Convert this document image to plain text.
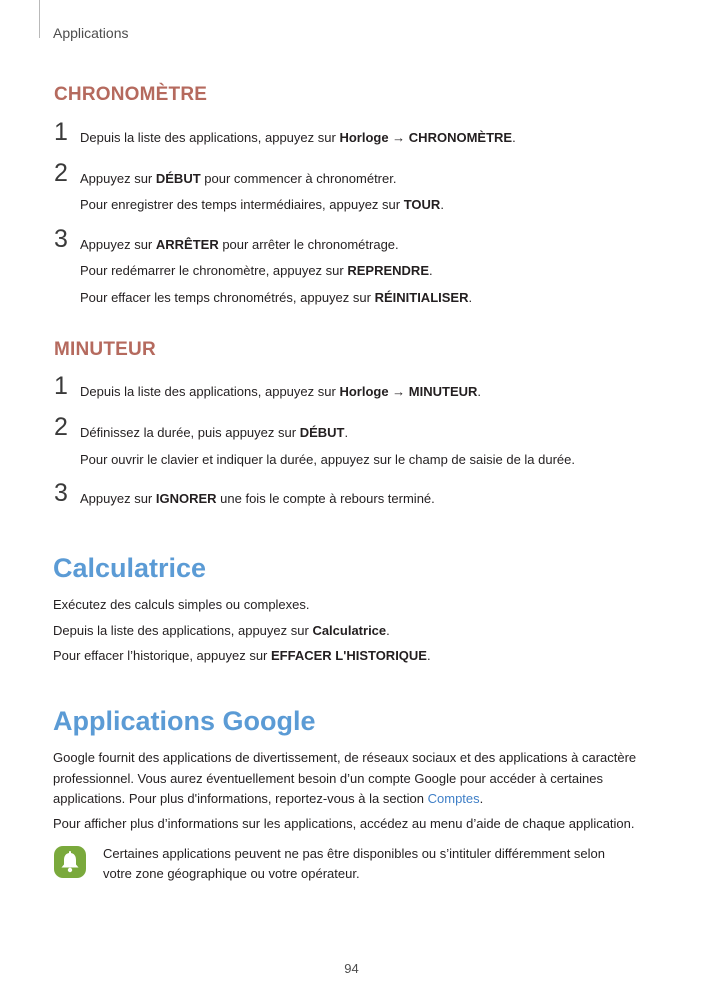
Applications
CHRONOMÈTRE
1 Depuis la liste des applications, appuyez sur Horloge → CHRONOMÈTRE.
2 Appuyez sur DÉBUT pour commencer à chronométrer.
Pour enregistrer des temps intermédiaires, appuyez sur TOUR.
3 Appuyez sur ARRÊTER pour arrêter le chronométrage.
Pour redémarrer le chronomètre, appuyez sur REPRENDRE.
Pour effacer les temps chronométrés, appuyez sur RÉINITIALISER.
MINUTEUR
1 Depuis la liste des applications, appuyez sur Horloge → MINUTEUR.
2 Définissez la durée, puis appuyez sur DÉBUT.
Pour ouvrir le clavier et indiquer la durée, appuyez sur le champ de saisie de la durée.
3 Appuyez sur IGNORER une fois le compte à rebours terminé.
Calculatrice
Exécutez des calculs simples ou complexes.
Depuis la liste des applications, appuyez sur Calculatrice.
Pour effacer l’historique, appuyez sur EFFACER L'HISTORIQUE.
Applications Google
Google fournit des applications de divertissement, de réseaux sociaux et des applications à caractère
professionnel. Vous aurez éventuellement besoin d’un compte Google pour accéder à certaines
applications. Pour plus d'informations, reportez-vous à la section Comptes.
Pour afficher plus d’informations sur les applications, accédez au menu d’aide de chaque application.
Certaines applications peuvent ne pas être disponibles ou s’intituler différemment selon
votre zone géographique ou votre opérateur.
94
